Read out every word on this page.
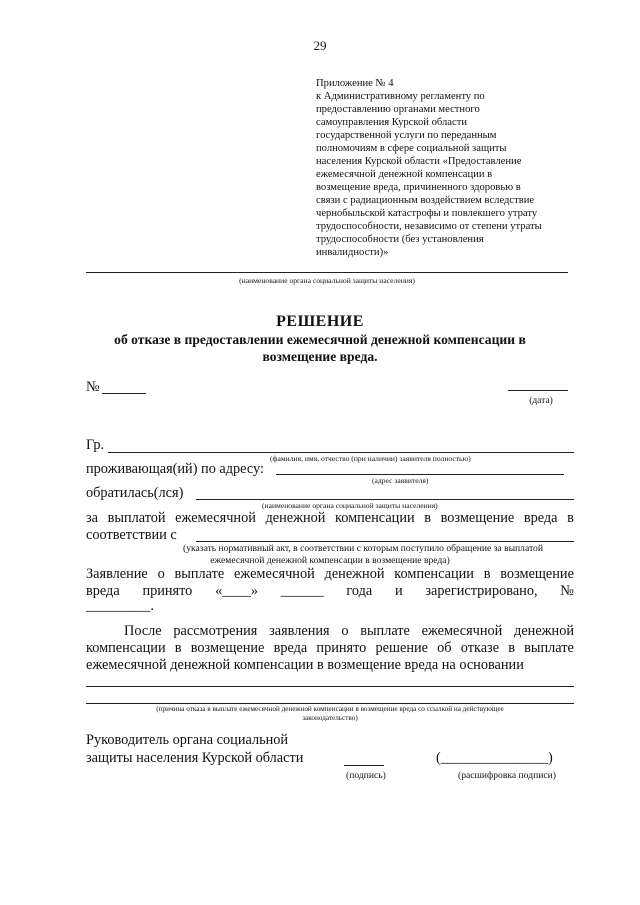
29
Приложение № 4
к Административному регламенту по
предоставлению органами местного
самоуправления Курской области
государственной услуги по переданным
полномочиям в сфере социальной защиты
населения Курской области «Предоставление
ежемесячной денежной компенсации в
возмещение вреда, причиненного здоровью в
связи с радиационным воздействием вследствие
чернобыльской катастрофы и повлекшего утрату
трудоспособности, независимо от степени утраты
трудоспособности (без установления
инвалидности)»
(наименование органа социальной защиты населения)
РЕШЕНИЕ
об отказе в предоставлении ежемесячной денежной компенсации в
возмещение вреда.
№
(дата)
Гр.
(фамилия, имя, отчество (при наличии) заявителя полностью)
проживающая(ий) по адресу:
(адрес заявителя)
обратилась(лся)
(наименование органа социальной защиты населения)
за выплатой ежемесячной денежной компенсации в возмещение вреда в
соответствии с
(указать нормативный акт, в соответствии с которым поступило обращение за выплатой
ежемесячной денежной компенсации в возмещение вреда)
Заявление о выплате ежемесячной денежной компенсации в возмещение
вреда принято «____» ______ года и зарегистрировано, №
_________.
После рассмотрения заявления о выплате ежемесячной денежной
компенсации в возмещение вреда принято решение об отказе в выплате
ежемесячной денежной компенсации в возмещение вреда на основании
(причина отказа в выплате ежемесячной денежной компенсации в возмещение вреда со ссылкой на действующее
законодательство)
Руководитель органа социальной
защиты населения Курской области	(_______________)
(подпись)	(расшифровка подписи)
